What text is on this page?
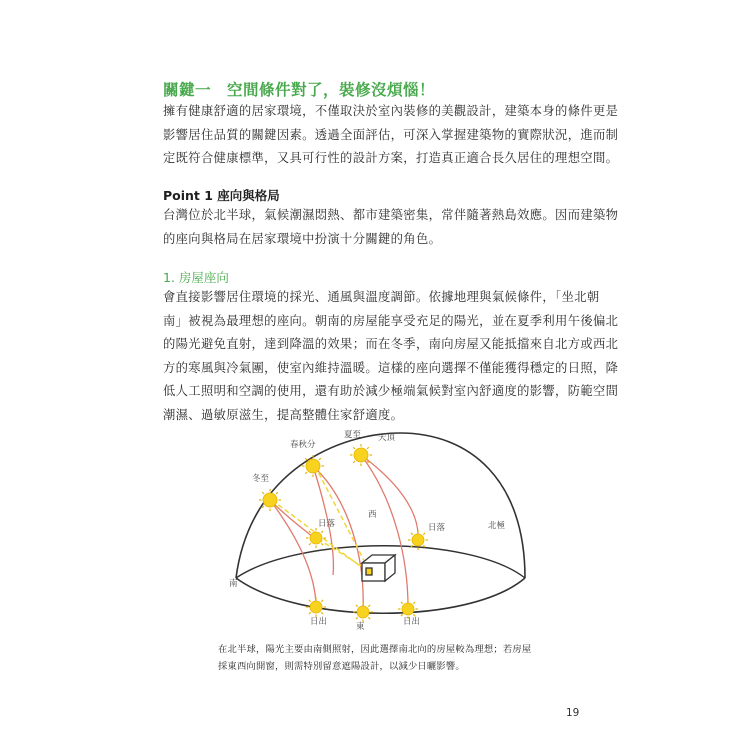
關鍵一　空間條件對了，裝修沒煩惱！
擁有健康舒適的居家環境，不僅取決於室內裝修的美觀設計，建築本身的條件更是
影響居住品質的關鍵因素。透過全面評估，可深入掌握建築物的實際狀況，進而制
定既符合健康標準，又具可行性的設計方案，打造真正適合長久居住的理想空間。
Point 1 座向與格局
台灣位於北半球，氣候潮濕悶熱、都市建築密集，常伴隨著熱島效應。因而建築物
的座向與格局在居家環境中扮演十分關鍵的角色。
1. 房屋座向
會直接影響居住環境的採光、通風與溫度調節。依據地理與氣候條件，「坐北朝
南」被視為最理想的座向。朝南的房屋能享受充足的陽光，並在夏季利用午後偏北
的陽光避免直射，達到降溫的效果；而在冬季，南向房屋又能抵擋來自北方或西北
方的寒風與冷氣團，使室內維持溫暖。這樣的座向選擇不僅能獲得穩定的日照，降
低人工照明和空調的使用，還有助於減少極端氣候對室內舒適度的影響，防範空間
潮濕、過敏原滋生，提高整體住家舒適度。
夏至 天頂
春秋分
冬至
日落
西
日落	北極
南
日出	東	日出
在北半球，陽光主要由南側照射，因此選擇南北向的房屋較為理想；若房屋
採東西向開窗，則需特別留意遮陽設計，以減少日曬影響。
19
